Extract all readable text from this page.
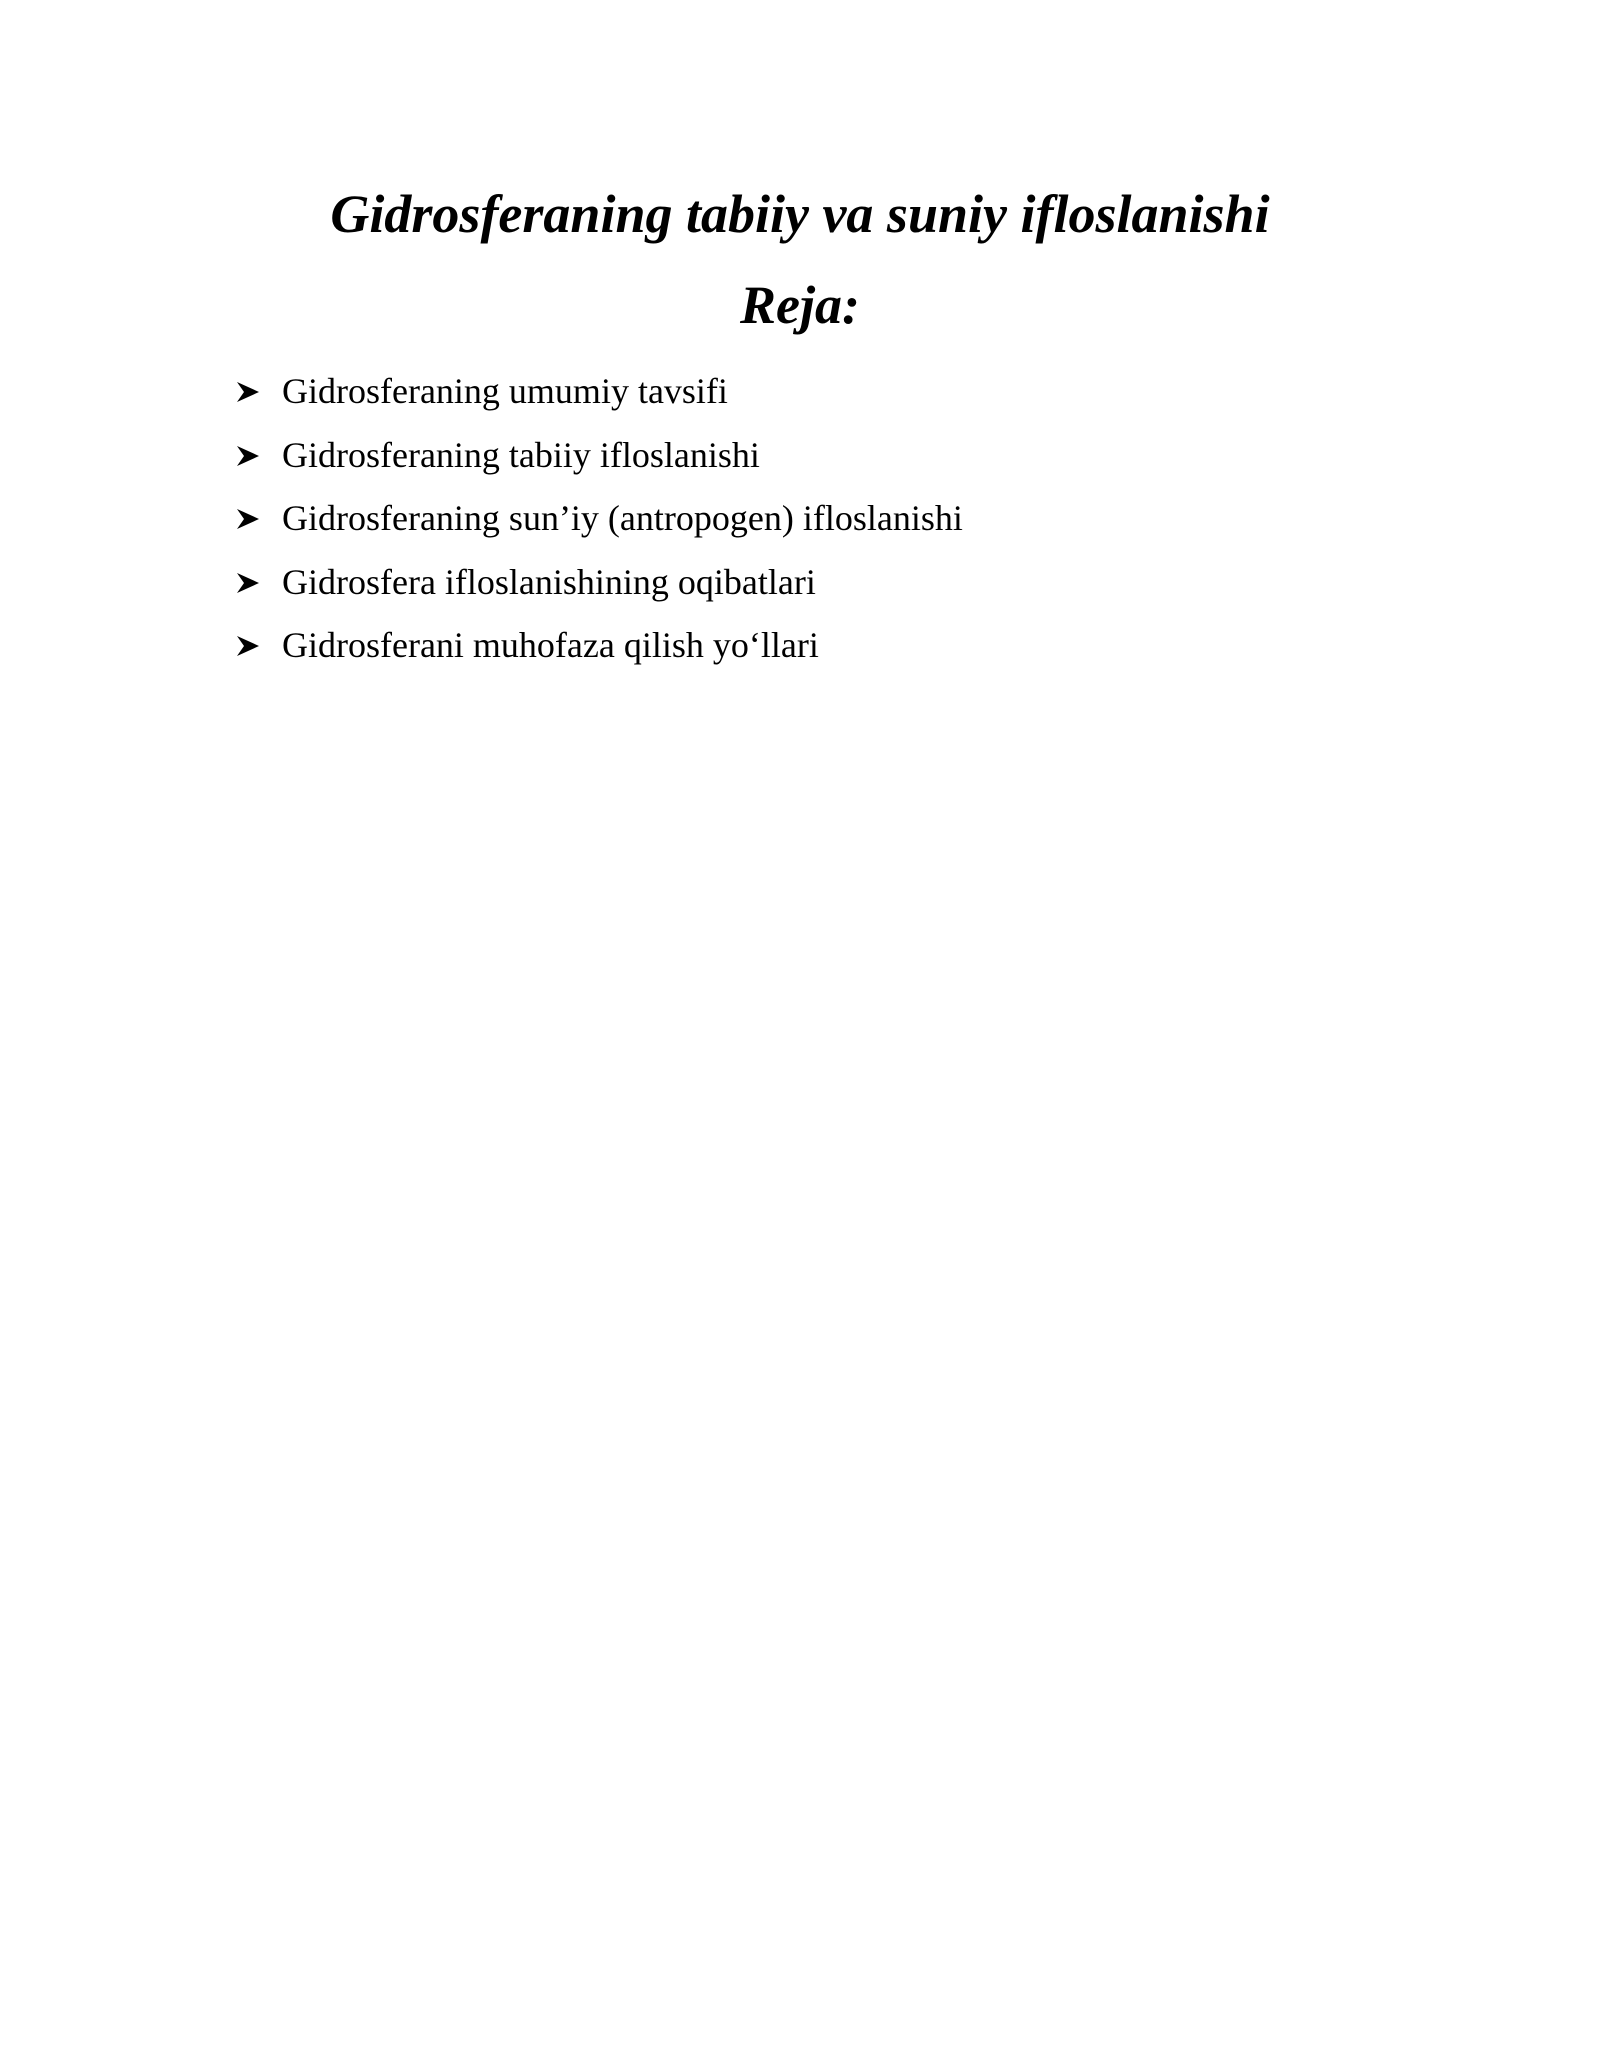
Gidrosferaning tabiiy va suniy ifloslanishi
Reja:
Gidrosferaning umumiy tavsifi
Gidrosferaning tabiiy ifloslanishi
Gidrosferaning sun’iy (antropogen) ifloslanishi
Gidrosfera ifloslanishining oqibatlari
Gidrosferani muhofaza qilish yo‘llari
